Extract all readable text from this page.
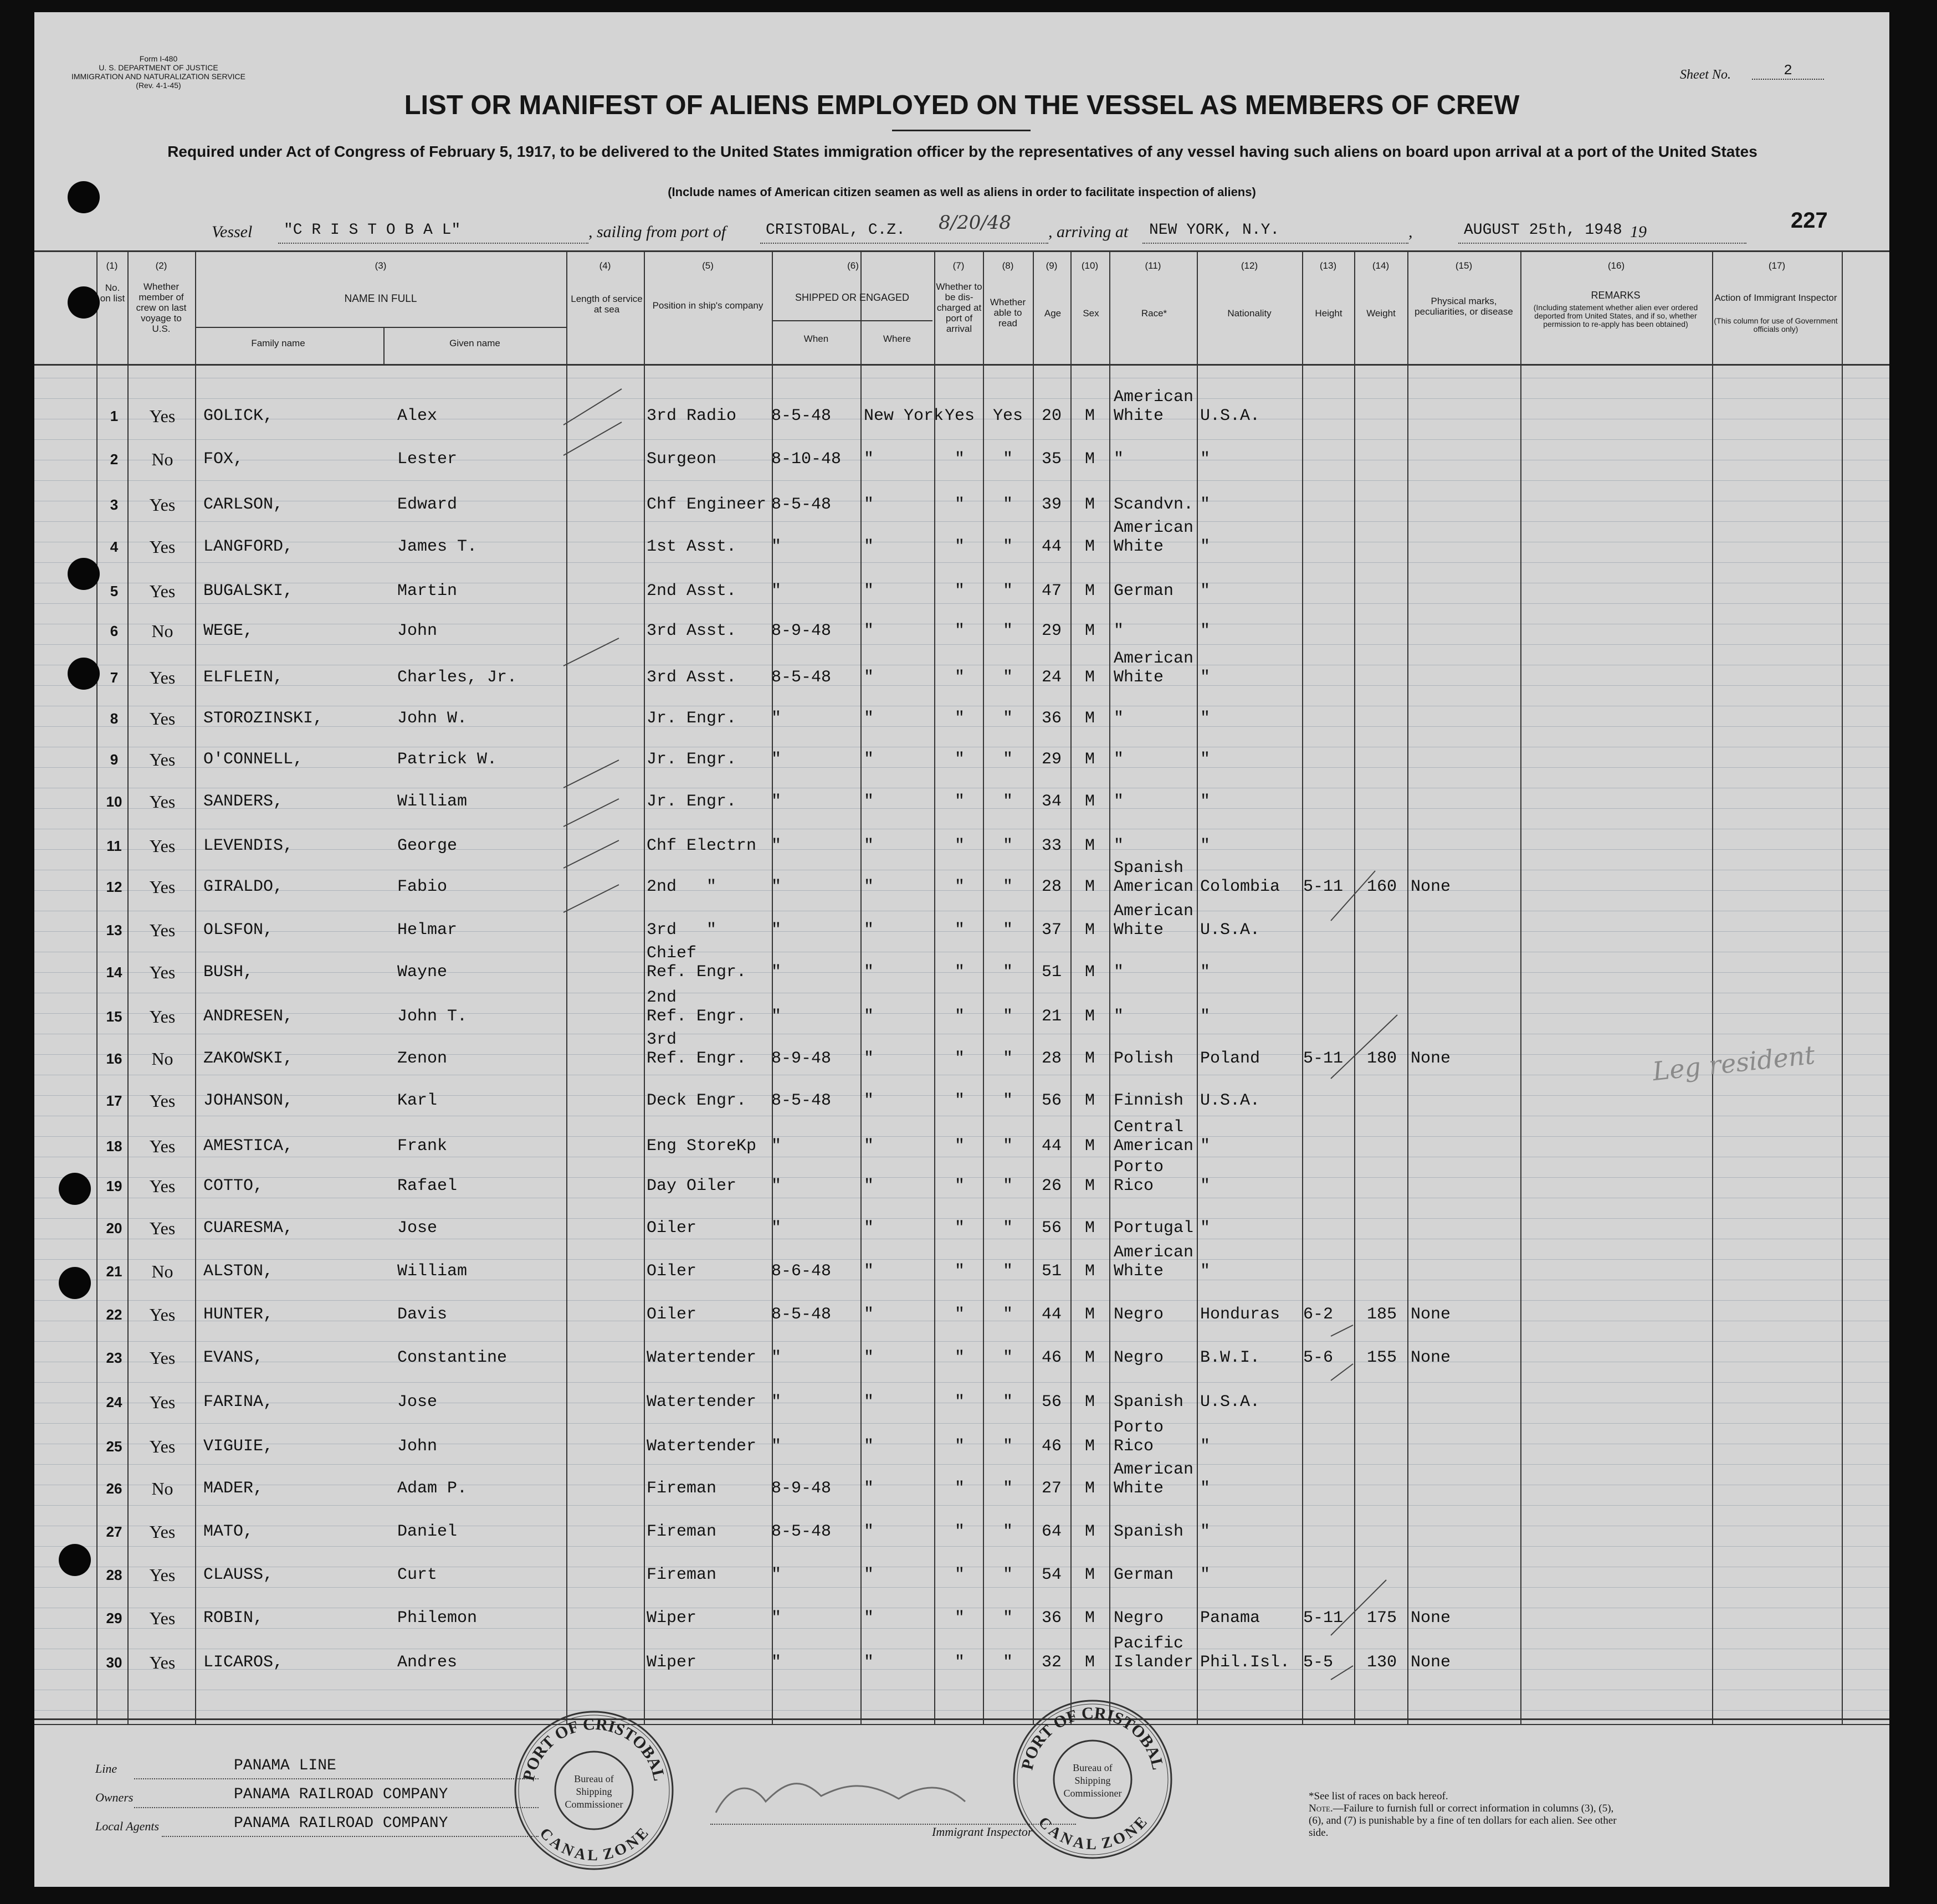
Form I-480
U. S. DEPARTMENT OF JUSTICE
IMMIGRATION AND NATURALIZATION SERVICE
(Rev. 4-1-45)
Sheet No.	2
LIST OR MANIFEST OF ALIENS EMPLOYED ON THE VESSEL AS MEMBERS OF CREW
Required under Act of Congress of February 5, 1917, to be delivered to the United States immigration officer by the representatives of any vessel having such aliens on board upon arrival at a port of the United States
(Include names of American citizen seamen as well as aliens in order to facilitate inspection of aliens)
Vessel "C R I S T O B A L"	, sailing from port of	CRISTOBAL, C.Z. 8/20/48 , arriving at NEW YORK, N.Y.	,	AUGUST 25th, 1948 19	227
(1)	(2)	(3)	(4)	(5)	(6)	(7)	(8)	(9)	(10)	(11)	(12)	(13)	(14)	(15)	(16)	(17)
No. on list
Whether member of crew on last voyage to U.S.
NAME IN FULL
Family name	Given name
Length of service at sea	Position in ship's company
SHIPPED OR ENGAGED
When	Where
Whether to be dis-charged at port of arrival
Whether able to read
Age	Sex	Race*	Nationality	Height	Weight
Physical marks, peculiarities, or disease
REMARKS
(Including statement whether alien ever ordered deported from United States, and if so, whether permission to re-apply has been obtained)
Action of Immigrant Inspector
(This column for use of Government officials only)
1	Yes	GOLICK,	Alex	3rd Radio	8-5-48	New York Yes	Yes	20	M
American
White	U.S.A.
2	No	FOX,	Lester	Surgeon	8-10-48	"	"	"	35	M	"	"
3	Yes	CARLSON,	Edward	Chf Engineer 8-5-48	"	"	"	39	M	Scandvn. "
4	Yes	LANGFORD,	James T.	1st Asst.	"	"	"	"	44	M
American
White	"
5	Yes	BUGALSKI,	Martin	2nd Asst.	"	"	"	"	47	M	German	"
6	No	WEGE,	John	3rd Asst.	8-9-48	"	"	"	29	M	"	"
7	Yes	ELFLEIN,	Charles, Jr.	3rd Asst.	8-5-48	"	"	"	24	M
American
White	"
8	Yes	STOROZINSKI,	John W.	Jr. Engr.	"	"	"	"	36	M	"	"
9	Yes	O'CONNELL,	Patrick W.	Jr. Engr.	"	"	"	"	29	M	"	"
10	Yes	SANDERS,	William	Jr. Engr.	"	"	"	"	34	M	"	"
11	Yes	LEVENDIS,	George	Chf Electrn "	"	"	"	33	M	"	"
12	Yes	GIRALDO,	Fabio	2nd   "	"	"	"	"	28	M
Spanish
American Colombia	5-11	160 None
13	Yes	OLSFON,	Helmar	3rd   "	"	"	"	"	37	M
American
White	U.S.A.
14	Yes	BUSH,	Wayne
Chief
Ref. Engr.	"	"	"	"	51	M	"	"
15	Yes	ANDRESEN,	John T.
2nd
Ref. Engr.	"	"	"	"	21	M	"	"
16	No	ZAKOWSKI,	Zenon
3rd
Ref. Engr.	8-9-48	"	"	"	28	M	Polish	Poland	5-11	180 None
17	Yes	JOHANSON,	Karl	Deck Engr.	8-5-48	"	"	"	56	M	Finnish U.S.A.
18	Yes	AMESTICA,	Frank	Eng StoreKp "	"	"	"	44	M
Central
American "
19	Yes	COTTO,	Rafael	Day Oiler	"	"	"	"	26	M
Porto
Rico	"
20	Yes	CUARESMA,	Jose	Oiler	"	"	"	"	56	M	Portugal "
21	No	ALSTON,	William	Oiler	8-6-48	"	"	"	51	M
American
White	"
22	Yes	HUNTER,	Davis	Oiler	8-5-48	"	"	"	44	M	Negro	Honduras	6-2	185 None
23	Yes	EVANS,	Constantine	Watertender "	"	"	"	46	M	Negro	B.W.I.	5-6	155 None
24	Yes	FARINA,	Jose	Watertender "	"	"	"	56	M	Spanish U.S.A.
25	Yes	VIGUIE,	John	Watertender "	"	"	"	46	M
Porto
Rico	"
26	No	MADER,	Adam P.	Fireman	8-9-48	"	"	"	27	M
American
White	"
27	Yes	MATO,	Daniel	Fireman	8-5-48	"	"	"	64	M	Spanish "
28	Yes	CLAUSS,	Curt	Fireman	"	"	"	"	54	M	German	"
29	Yes	ROBIN,	Philemon	Wiper	"	"	"	"	36	M	Negro	Panama	5-11	175 None
30	Yes	LICAROS,	Andres	Wiper	"	"	"	"	32	M
Pacific
Islander Phil.Isl. 5-5	130 None
Leg resident
Line	PANAMA LINE
Owners	PANAMA RAILROAD COMPANY
Local Agents	PANAMA RAILROAD COMPANY	Immigrant Inspector
*See list of races on back hereof.
Note.—Failure to furnish full or correct information in columns (3), (5), (6), and (7) is punishable by a fine of ten dollars for each alien. See other side.
PORT OF CRISTOBAL
CANAL ZONE
Bureau of
Shipping
Commissioner
PORT OF CRISTOBAL
CANAL ZONE
Bureau of
Shipping
Commissioner
